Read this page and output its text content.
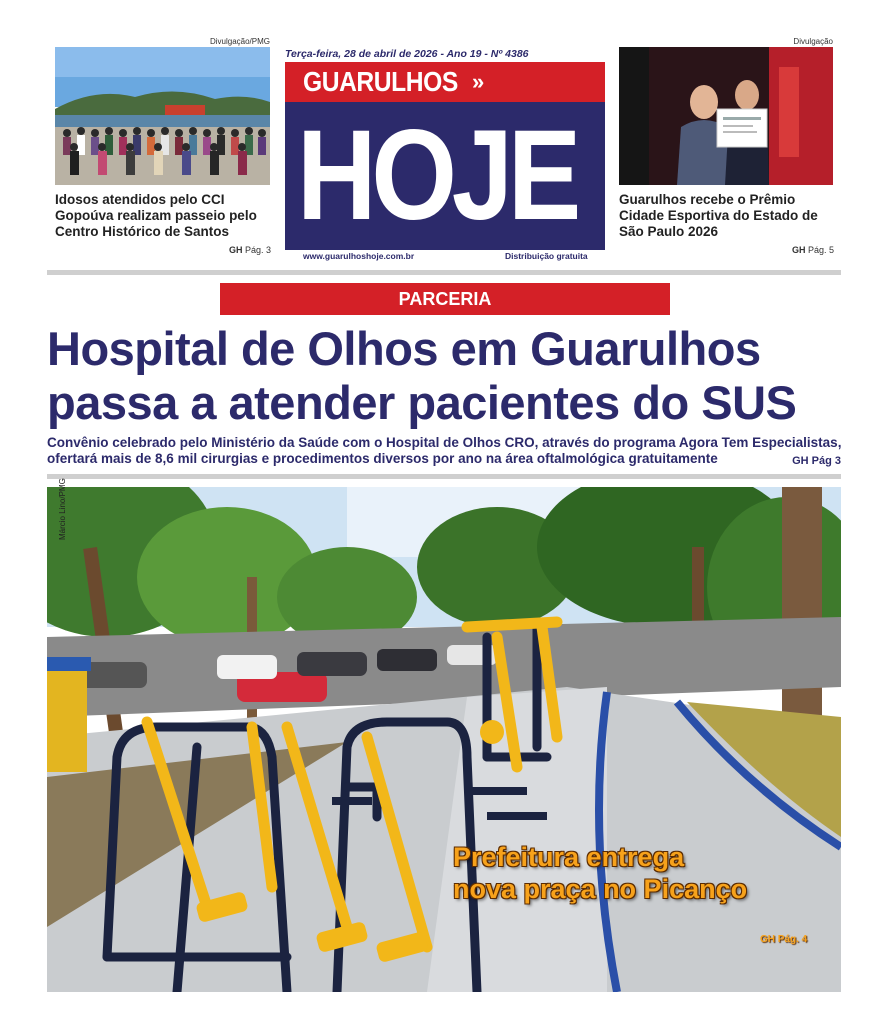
Divulgação/PMG
Idosos atendidos pelo CCI Gopoúva realizam passeio pelo Centro Histórico de Santos
GH Pág. 3
Terça-feira, 28 de abril de 2026 - Ano 19 - Nº 4386
GUARULHOS »
HOJE
www.guarulhoshoje.com.br	Distribuição gratuita
Divulgação
Guarulhos recebe o Prêmio Cidade Esportiva do Estado de São Paulo 2026
GH Pág. 5
PARCERIA
Hospital de Olhos em Guarulhos
passa a atender pacientes do SUS
Convênio celebrado pelo Ministério da Saúde com o Hospital de Olhos CRO, através do programa Agora Tem Especialistas,
ofertará mais de 8,6 mil cirurgias e procedimentos diversos por ano na área oftalmológica gratuitamente	GH Pág 3
Márcio Lino/PMG
Prefeitura entrega
nova praça no Picanço
GH Pág. 4
